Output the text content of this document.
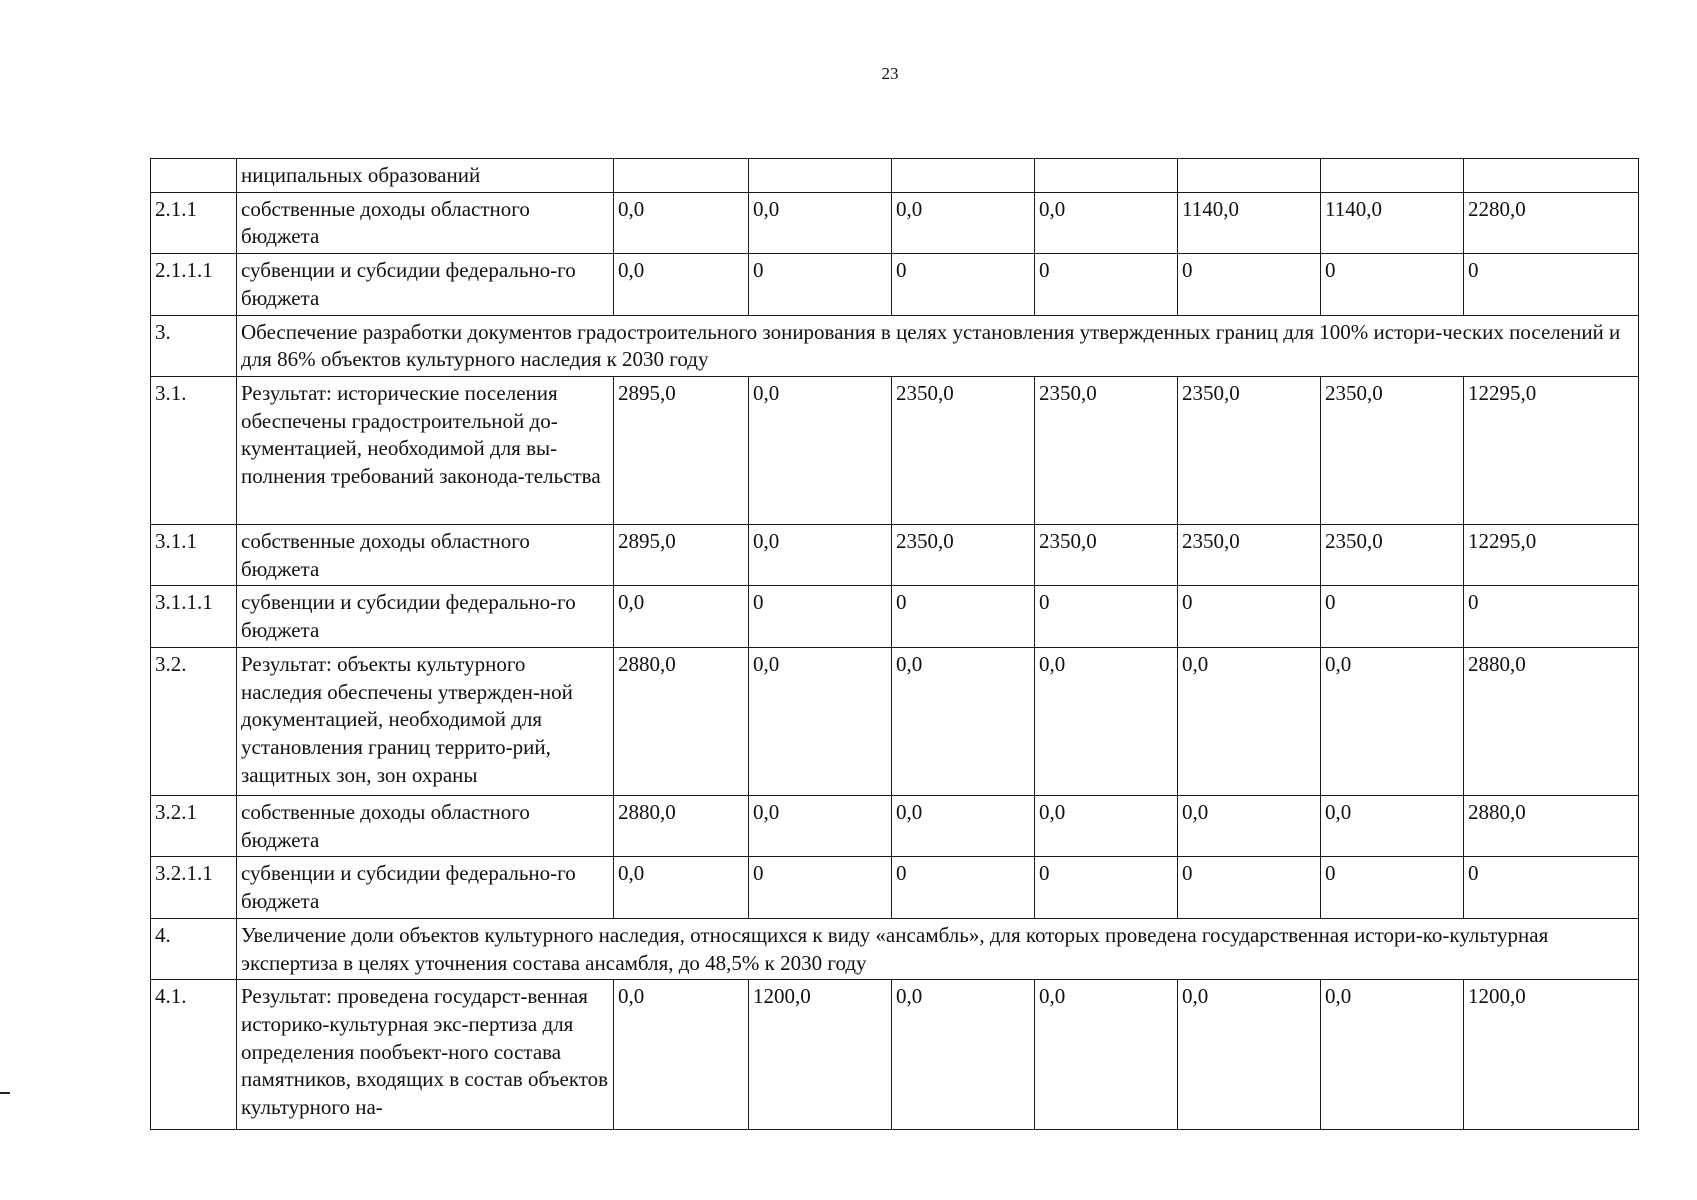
23
	ниципальных образований							
2.1.1	собственные доходы областного бюджета	0,0	0,0	0,0	0,0	1140,0	1140,0	2280,0
2.1.1.1	субвенции и субсидии федерально-го бюджета	0,0	0	0	0	0	0	0
3.	Обеспечение разработки документов градостроительного зонирования в целях установления утвержденных границ для 100% истори-ческих поселений и для 86% объектов культурного наследия к 2030 году							
3.1.	Результат: исторические поселения обеспечены градостроительной до-кументацией, необходимой для вы-полнения требований законода-тельства	2895,0	0,0	2350,0	2350,0	2350,0	2350,0	12295,0
3.1.1	собственные доходы областного бюджета	2895,0	0,0	2350,0	2350,0	2350,0	2350,0	12295,0
3.1.1.1	субвенции и субсидии федерально-го бюджета	0,0	0	0	0	0	0	0
3.2.	Результат: объекты культурного наследия обеспечены утвержден-ной документацией, необходимой для установления границ террито-рий, защитных зон, зон охраны	2880,0	0,0	0,0	0,0	0,0	0,0	2880,0
3.2.1	собственные доходы областного бюджета	2880,0	0,0	0,0	0,0	0,0	0,0	2880,0
3.2.1.1	субвенции и субсидии федерально-го бюджета	0,0	0	0	0	0	0	0
4.	Увеличение доли объектов культурного наследия, относящихся к виду «ансамбль», для которых проведена государственная истори-ко-культурная экспертиза в целях уточнения состава ансамбля, до 48,5% к 2030 году							
4.1.	Результат: проведена государст-венная историко-культурная экс-пертиза для определения пообъект-ного состава памятников, входящих в состав объектов культурного на-	0,0	1200,0	0,0	0,0	0,0	0,0	1200,0
